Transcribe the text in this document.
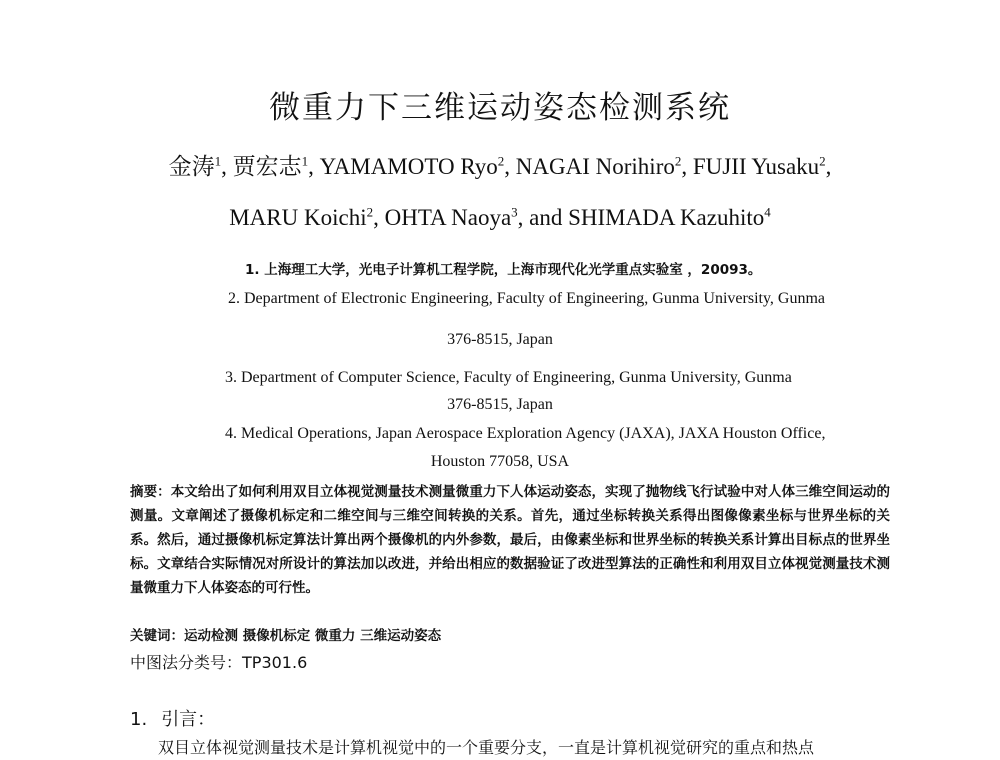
微重力下三维运动姿态检测系统
金涛$^1$, 贾宏志$^1$, YAMAMOTO Ryo$^2$, NAGAI Norihiro$^2$, FUJII Yusaku$^2$,
MARU Koichi$^2$, OHTA Naoya$^3$, and SHIMADA Kazuhito$^4$
1. 上海理工大学，光电子计算机工程学院，上海市现代化光学重点实验室 ，20093。
2. Department of Electronic Engineering, Faculty of Engineering, Gunma University, Gunma
376-8515, Japan
3. Department of Computer Science, Faculty of Engineering, Gunma University, Gunma
376-8515, Japan
4. Medical Operations, Japan Aerospace Exploration Agency (JAXA), JAXA Houston Office,
Houston 77058, USA
摘要：本文给出了如何利用双目立体视觉测量技术测量微重力下人体运动姿态，实现了抛物线飞行试验中对人体三维空间运动的测量。文章阐述了摄像机标定和二维空间与三维空间转换的关系。首先，通过坐标转换关系得出图像像素坐标与世界坐标的关系。然后，通过摄像机标定算法计算出两个摄像机的内外参数，最后，由像素坐标和世界坐标的转换关系计算出目标点的世界坐标。文章结合实际情况对所设计的算法加以改进，并给出相应的数据验证了改进型算法的正确性和利用双目立体视觉测量技术测量微重力下人体姿态的可行性。
关键词：运动检测 摄像机标定 微重力 三维运动姿态
中图法分类号：TP301.6
1. 引言：
双目立体视觉测量技术是计算机视觉中的一个重要分支，一直是计算机视觉研究的重点和热点
